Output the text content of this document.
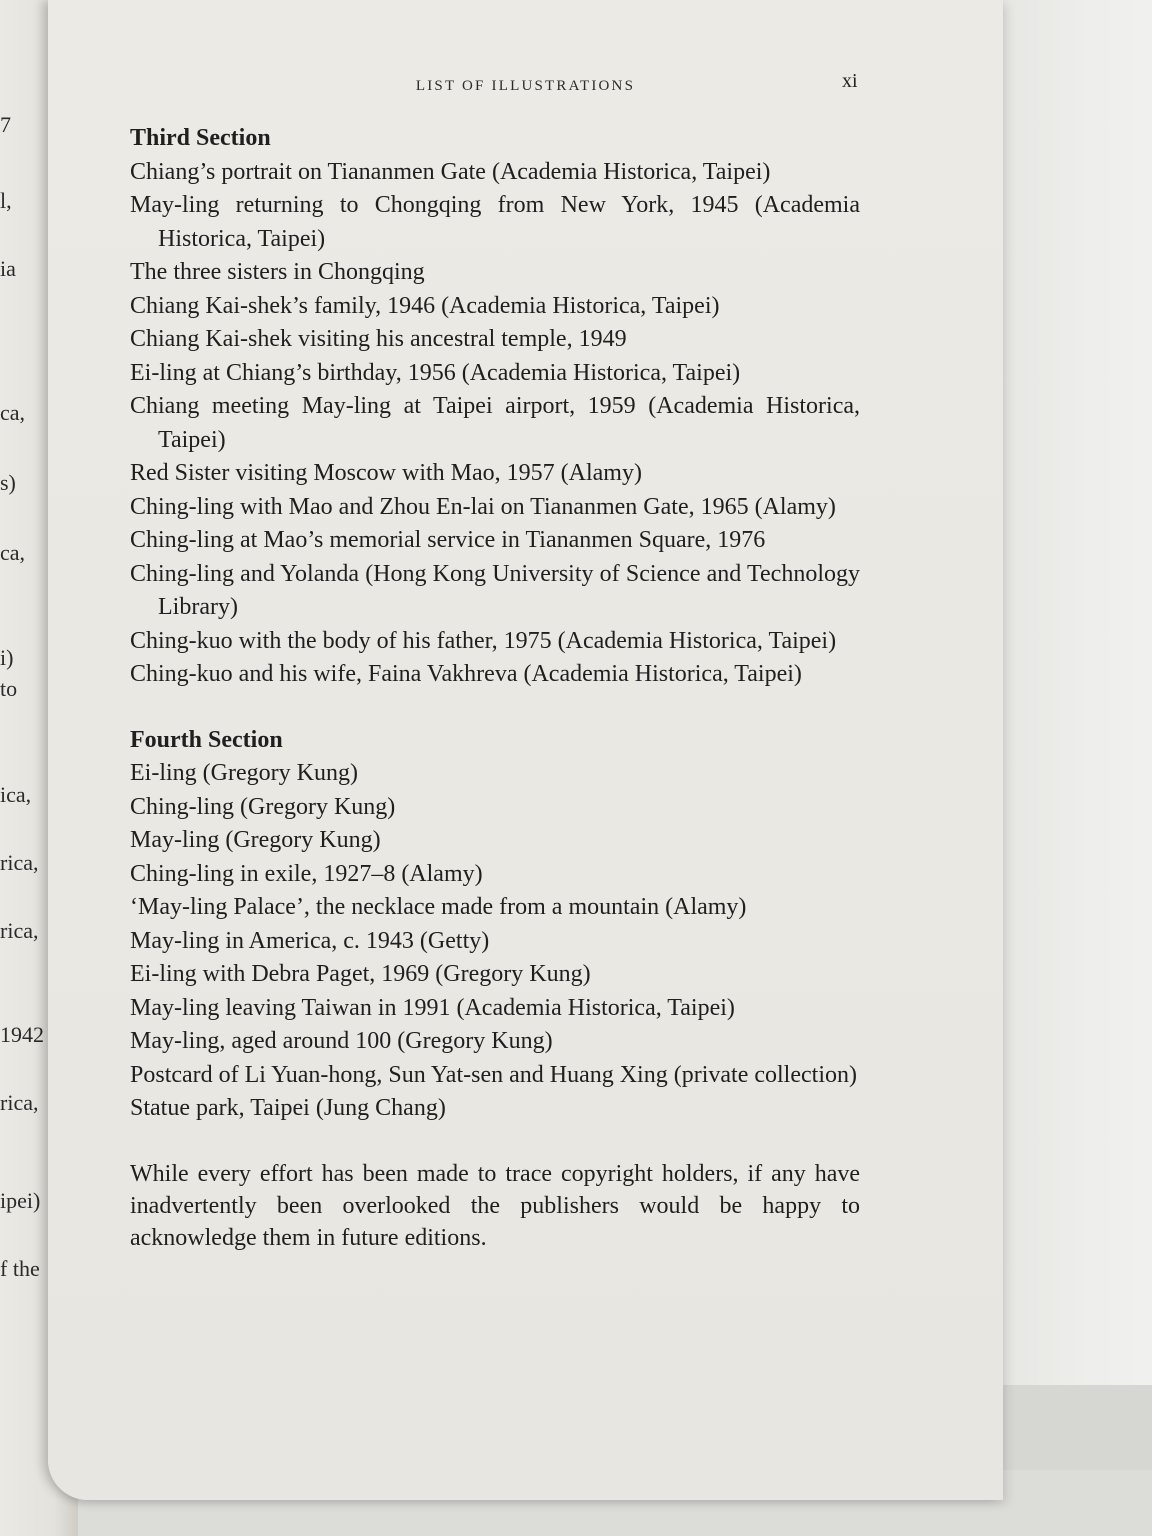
7
l,
ia
ca,
s)
ca,
i)
to
ica,
rica,
rica,
1942
rica,
ipei)
f the
LIST OF ILLUSTRATIONS	xi

Third Section

Chiang’s portrait on Tiananmen Gate (Academia Historica, Taipei)

May-ling returning to Chongqing from New York, 1945 (Academia Historica, Taipei)

The three sisters in Chongqing

Chiang Kai-shek’s family, 1946 (Academia Historica, Taipei)

Chiang Kai-shek visiting his ancestral temple, 1949

Ei-ling at Chiang’s birthday, 1956 (Academia Historica, Taipei)

Chiang meeting May-ling at Taipei airport, 1959 (Academia Historica, Taipei)

Red Sister visiting Moscow with Mao, 1957 (Alamy)

Ching-ling with Mao and Zhou En-lai on Tiananmen Gate, 1965 (Alamy)

Ching-ling at Mao’s memorial service in Tiananmen Square, 1976

Ching-ling and Yolanda (Hong Kong University of Science and Technology Library)

Ching-kuo with the body of his father, 1975 (Academia Historica, Taipei)

Ching-kuo and his wife, Faina Vakhreva (Academia Historica, Taipei)

Fourth Section

Ei-ling (Gregory Kung)

Ching-ling (Gregory Kung)

May-ling (Gregory Kung)

Ching-ling in exile, 1927–8 (Alamy)

‘May-ling Palace’, the necklace made from a mountain (Alamy)

May-ling in America, c. 1943 (Getty)

Ei-ling with Debra Paget, 1969 (Gregory Kung)

May-ling leaving Taiwan in 1991 (Academia Historica, Taipei)

May-ling, aged around 100 (Gregory Kung)

Postcard of Li Yuan-hong, Sun Yat-sen and Huang Xing (private collection)

Statue park, Taipei (Jung Chang)

While every effort has been made to trace copyright holders, if any have inadvertently been overlooked the publishers would be happy to acknowledge them in future editions.
